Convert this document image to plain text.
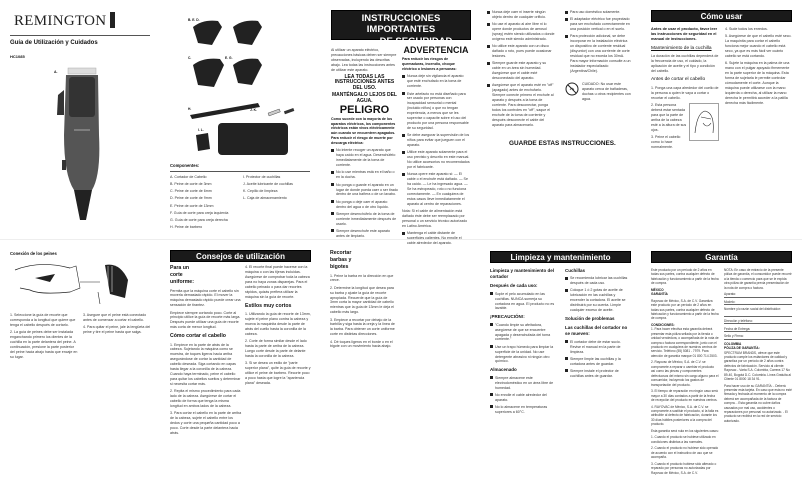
REMINGTON
Guía de Utilización y Cuidados
HC1085
A.
B. E. D.
C.	E. G.
H.	J. K.
I. L.
Componentes:

A. Cortador de Cabello

B. Peine de corte de 3mm

C. Peine de corte de 6mm

D. Peine de corte de 9mm

E. Peine de corte de 13mm

F. Guía de corte para oreja izquierda

G. Guía de corte para oreja derecha

H. Peine de barbero

I. Protector de cuchillas

J. Aceite lubricante de cuchillas

K. Cepillo de limpieza

L. Caja de almacenamiento

INSTRUCCIONES IMPORTANTES
DE SEGURIDAD

Al utilizar un aparato eléctrico, precauciones básicas deben ser siempre observadas, incluyendo las descritas abajo. Lea todas las instrucciones antes de utilizar este aparato.

LEA TODAS LAS INSTRUCCIONES ANTES DEL USO.
MANTÉNGALO LEJOS DEL AGUA.
PELIGRO

Como sucede con la mayoría de los aparatos eléctricos, los componentes eléctricos están vivos eléctricamente aún cuando se encuentren apagados. Para reducir el riesgo de muerte por descarga eléctrica:

No intente recoger un aparato que haya caído en el agua. Desenchúfelo inmediatamente de la toma de corriente.

No lo use mientras está en el baño o en la ducha.

No ponga o guarde el aparato en un lugar de donde pueda caer o ser tirado dentro de una bañera o de un lavabo.

No ponga o deje caer el aparato dentro del agua o de otro líquido.

Siempre desenchúfelo de la toma de corriente inmediatamente después de usarlo.

Siempre desenchufe este aparato antes de limpiarlo.

ADVERTENCIA

Para reducir los riesgos de quemaduras, incendio, choque eléctrico o lesiones a personas:

Nunca deje sin vigilancia el aparato que esté enchufado en la toma de corriente.

Este artefacto no está diseñado para ser usado por personas con incapacidad sensorial o mental (incluido niños) o que no tengan experiencia, a menos que se les supervise o capacite sobre el uso del producto por una persona responsable de su seguridad.

Se debe asegurar la supervisión de los niños para evitar que jueguen con el aparato.

Utilice este aparato solamente para el uso previsto y descrito en este manual. No utilice accesorios no recomendados por el fabricante.

Nunca opere este aparato si: — El cable o el enchufe está dañado. — Se ha caído. — Le ha ingresado agua. — Se ha estropeado, roto o no funciona correctamente. — En cualquiera de estos casos lleve inmediatamente el aparato al centro de reparaciones.

Nota: Si el cable de alimentación está dañado éste debe ser reemplazado por personal o un servicio técnico autorizado en Latino América.

Mantenga el cable distante de cable alrededor del aparato.

Nunca deje caer ni inserte ningún objeto dentro de cualquier orificio.

No use el aparato al aire libre ni lo opere donde productos de aerosol (spray) estén siendo utilizados o donde oxígeno esté siendo administrado.

No utilice este aparato con un disco dañado o roto, pues puede ocasionar lesiones.

Siempre guarde este aparato y su cable en un área sin humedad. Asegúrese que el cable esté desconectado del aparato.

Asegúrese que el aparato esté en "off" (apagado) antes de enchufarlo. Siempre conecte primero el enchufe al aparato y después a la toma de corriente. Para desconectar, ponga todos los controles en "off", saque el enchufe de la toma de corriente y después desconecte el cable del aparato para almacenarlo.

Para uso doméstico solamente.

El adaptador eléctrico fue proyectado para ser enchufado correctamente en una posición vertical o en el suelo.

Para protección adicional, se debe incorporar en la instalación eléctrica un dispositivo de corriente residual (disyuntor) con una corriente de corte residual que no exceda los 30mA. Para mayor información consulte a un instalador especializado (Argentina/Chile).

CUIDADO: No usar este aparato cerca de bañaderas, duchas u otros recipientes con agua.
GUARDE ESTAS INSTRUCCIONES.
Cómo usar

Antes de usar el producto, favor leer las instrucciones de seguridad en el manual de instrucciones.

Mantenimiento de la cuchilla

La duración de las cuchillas dependerá de la frecuencia de uso, el cuidado, la aplicación de aceite y el tipo y condición del cabello.

Antes de cortar el cabello

1. Ponga una capa alrededor del cuello de la persona a quien le vaya a cortar o recortar el cabello.

2. Esta persona deberá estar sentada para que la parte de arriba de la cabeza esté a la altura de sus ojos.

3. Peine el cabello como lo hace normalmente.

4. Sude todos los enredos.

5. Asegúrese de que el cabello esté seco. La maquinita para cortar el cabello funciona mejor cuando el cabello está seco, ya que es más fácil ver cuánto cabello se está cortando.

6. Sujete la máquina en la palma de una mano con el pulgar apoyado firmemente en la parte superior de la máquina. Esta forma de sujetarla le permite controlar cómodamente el corte. Aunque la máquina puede utilizarse con la mano izquierda o derecha, al utilizar la mano derecha le permitirá acceder a la patilla derecha más fácilmente.

Conexión de los peines

1. Seleccione la guía de recorte que corresponda a la longitud que quiere que tenga el cabello después de cortarlo.

2. La guía de peines debe ser instalada enganchando primero los dientes de la cuchilla en la parte delantera del peine. A continuación, presione la parte posterior del peine hacia abajo hasta que encaje en su lugar.

3. Asegure que el peine está conectado antes de comenzar a cortar el cabello.

4. Para quitar el peine, jale la lengüeta del peine y tire el peine hasta que salga.

Consejos de utilización
Para un corte uniforme:

Permita que la máquina corte el cabello sin moverla demasiado rápido. El mover la máquina demasiado rápido puede crear una sensación de tirantez.

Empiece siempre cortando poco. Corte al principio utilice la guía de recorte más larga. Después puede utilizar una guía de recorte más corta de menor longitud.

Cómo cortar el cabello

1. Empiece en la parte de atrás de la cabeza. Sujetando la máquina como se muestra, de toques ligeros hacia arriba asegurándose de cortar la cantidad de cabello deseada. Siga cortando en capas hasta llegar a la coronilla de la cabeza. Cuando haya terminado, peine el cabello para quitar los cabellos sueltos y determinar si necesita cortar más.

2. Repita el mismo procedimiento para cada lado de la cabeza. Asegúrese de cortar el cabello de forma que tenga la misma longitud en ambos lados de la cabeza.

3. Para cortar el cabello en la parte de arriba de la cabeza, sujete el cabello entre los dedos y corte una pequeña cantidad poco a poco. Corte desde la parte delantera hacia atrás.

4. El recorte final puede hacerse con la máquina o con las tijeras incluidas. Asegúrese de comprobar toda la cabeza para no haya zonas disparejas. Para el cabello peinado o para dar recortes rápidos, quizás prefiera utilizar la máquina sin la guía de recorte.

Estilos muy cortos

1. Utilizando la guía de recorte de 13mm, sujete el peine plano contra la cabeza y mueva la maquinita desde la parte de atrás del cuello hasta la coronilla de la cabeza.

2. Corte de forma similar desde el lado hasta la parte de arriba de la cabeza. Luego corte desde la parte de delante hasta la coronilla de la cabeza.

3. Si se desea un estilo de "parte superior plana", quite la guía de recorte y utilice el peine de barbero. Recorte poco a poco hasta que logre la "apariencia plana" deseada.

Recortar barbas y bigotes

1. Peine la barba en la dirección en que crece.

2. Determine la longitud que desea para su barba y ajuste la guía de recorte apropiada. Recuerde que la guía de 3mm corta la mayor cantidad de cabello mientras que la guía de 13mm le deja el cabello más largo.

3. Empiece a recortar por debajo de la barbilla y siga hasta la oreja y la línea de la barba. Para obtener un corte uniforme corte en distintas direcciones.

4. Dé toques ligeros en el borde o en el bigote con un movimiento hacia abajo.

Limpieza y mantenimiento
Limpieza y mantenimiento del cortador
Después de cada uso:

Sople el pelo acumulado en las cuchillas. NUNCA sumerja su cortadora en agua. El producto no es lavable.

¡PRECAUCIÓN!:

"Cuando limpie su afeitadora, asegúrese de que se encuentre apagada y desenchufada del toma corriente."

Use un trapo húmedo para limpiar la superficie de la unidad. No use detergente abrasivo ni ningún otro químico.

Almacenado

Siempre almacene este electrodoméstico en un área libre de humedad.

No enrolle el cable alrededor del aparato.

No lo almacene en temperaturas superiores a 60°C.

Cuchillas

Se recomienda lubricar las cuchillas después de cada uso.

Coloque 1 ó 2 gotas de aceite de lubricación en las cuchillas y encender la cortadora. El aceite se distribuirá por su cuenta. Limpie cualquier exceso de aceite.

Solución de problemas
Las cuchillas del cortador no se mueven:

El cortador debe de estar sucio. Revise el manual en la parte de limpieza.

Siempre limpie las cuchillas y la cortadora antes de guardar.

Siempre instale el protector de cuchillas antes de guardar.

Garantía

Este producto por un período de 2 años en todas sus partes, contra cualquier defecto de fabricación y funcionamiento a partir de la fecha de compra.

MÉXICO

GARANTÍA

Rayovac de México, S.A. de C.V. Garantiza este producto por un período de 2 años en todas sus partes, contra cualquier defecto de fabricación y funcionamiento a partir de la fecha de compra.

CONDICIONES:

1. Para hacer efectiva esta garantía deberá presentar esta póliza sellada por la tienda o unidad vendedora, o acompañada de la nota de compra o factura correspondiente, junto con el producto en cualquiera de nuestros centros de servicio. Teléfono (55) 5081 - 7979. Para atención de garantía marque 01 800 714 2503.

2. Rayovac de México, S.A. de C.V. se compromete a reparar o cambiar el producto así como las piezas y componentes defectuosos del mismo sin cargo alguno para el consumidor, incluyendo los gastos de transportación del producto.

3. El tiempo de reparación en ningún caso será mayor a 30 días contados a partir de la fecha de recepción del producto en nuestros centros.

4. RAYOVAC de México, S.A. de C.V. se compromete a sustituir el producto, si la falla es atribuible al defecto de fabricación, durante los 30 días hábiles posteriores a la compra del producto.

Esta garantía será nula en los siguientes casos:

1. Cuando el producto se hubiese utilizado en condiciones distintas a las normales.

2. Cuando el producto no hubiese sido operado de acuerdo con el instructivo de uso que se acompaña.

3. Cuando el producto hubiese sido alterado o reparado por personas no autorizadas por Rayovac de México, S.A. de C.V.

NOTA: En caso de extravío de la presente póliza de garantía, el consumidor puede recurrir a la tienda o comercio para que se le expida otra póliza de garantía previa presentación de la nota de compra o factura.

Aparato:

Modelo:

Nombre y/o razón social del distribuidor:

Dirección y teléfono:

Fecha de Entrega:

Sello y Firma:

COLOMBIA

PÓLIZA DE GARANTÍA:

SPECTRUM BRANDS, ofrece que este producto cumple los estándares de calidad y garantiza por un período de 2 años contra defectos de fabricación. Servicio al cliente: Rayovac - Varta S.A. Colombia, Carrera 17 No 89-40, Bogotá D.C. Colombia. Línea Gratuita al Cliente 01 8000 18 34 91.

Para hacer uso de su GARANTÍA: - Deberá presentar esta tarjeta. En caso que esta no esté firmada y fechada al momento de la compra deberá ser acompañada de la factura de compra. - Esta garantía no cubre daños causados por mal uso, accidentes o reparaciones por personal no autorizado. - El producto se recibirá en la red de servicio autorizado.
